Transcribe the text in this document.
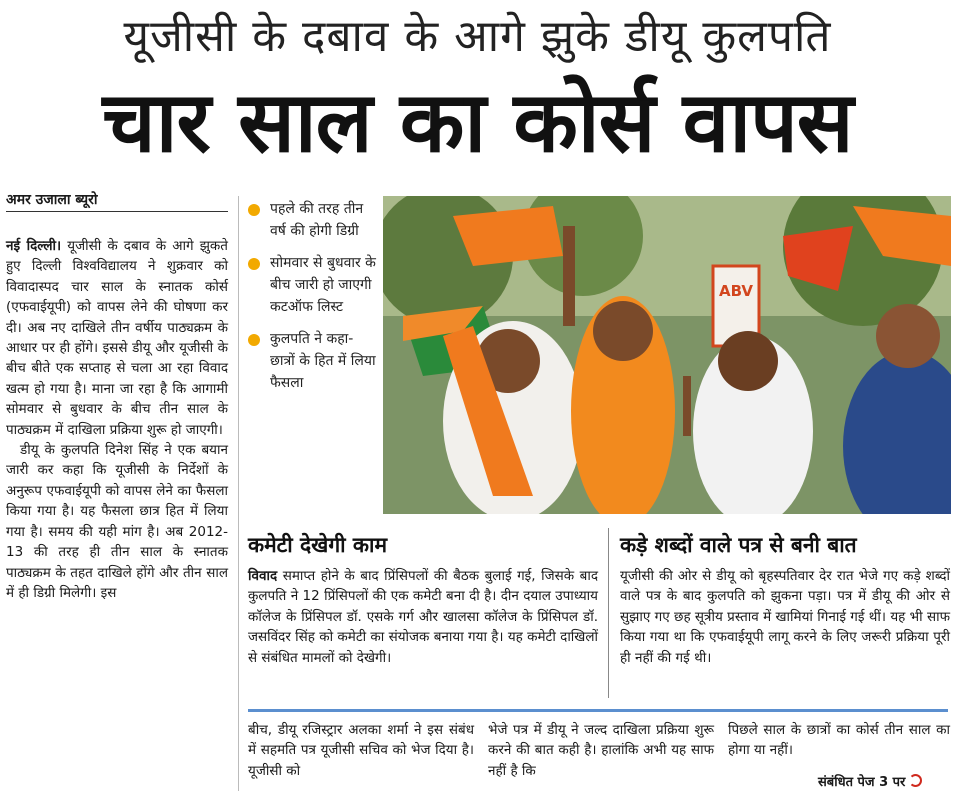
यूजीसी के दबाव के आगे झुके डीयू कुलपति
चार साल का कोर्स वापस
अमर उजाला ब्यूरो

नई दिल्ली। यूजीसी के दबाव के आगे झुकते हुए दिल्ली विश्वविद्यालय ने शुक्रवार को विवादास्पद चार साल के स्नातक कोर्स (एफवाईयूपी) को वापस लेने की घोषणा कर दी। अब नए दाखिले तीन वर्षीय पाठ्यक्रम के आधार पर ही होंगे। इससे डीयू और यूजीसी के बीच बीते एक सप्ताह से चला आ रहा विवाद खत्म हो गया है। माना जा रहा है कि आगामी सोमवार से बुधवार के बीच तीन साल के पाठ्यक्रम में दाखिला प्रक्रिया शुरू हो जाएगी।

डीयू के कुलपति दिनेश सिंह ने एक बयान जारी कर कहा कि यूजीसी के निर्देशों के अनुरूप एफवाईयूपी को वापस लेने का फैसला किया गया है। यह फैसला छात्र हित में लिया गया है। समय की यही मांग है। अब 2012-13 की तरह ही तीन साल के स्नातक पाठ्यक्रम के तहत दाखिले होंगे और तीन साल में ही डिग्री मिलेगी। इस

पहले की तरह तीन वर्ष की होगी डिग्री
सोमवार से बुधवार के बीच जारी हो जाएगी कटऑफ लिस्ट
कुलपति ने कहा- छात्रों के हित में लिया फैसला
ABV
कमेटी देखेगी काम	कड़े शब्दों वाले पत्र से बनी बात
विवाद समाप्त होने के बाद प्रिंसिपलों की बैठक बुलाई गई, जिसके बाद कुलपति ने 12 प्रिंसिपलों की एक कमेटी बना दी है। दीन दयाल उपाध्याय कॉलेज के प्रिंसिपल डॉ. एसके गर्ग और खालसा कॉलेज के प्रिंसिपल डॉ. जसविंदर सिंह को कमेटी का संयोजक बनाया गया है। यह कमेटी दाखिलों से संबंधित मामलों को देखेगी।
यूजीसी की ओर से डीयू को बृहस्पतिवार देर रात भेजे गए कड़े शब्दों वाले पत्र के बाद कुलपति को झुकना पड़ा। पत्र में डीयू की ओर से सुझाए गए छह सूत्रीय प्रस्ताव में खामियां गिनाई गई थीं। यह भी साफ किया गया था कि एफवाईयूपी लागू करने के लिए जरूरी प्रक्रिया पूरी ही नहीं की गई थी।
बीच, डीयू रजिस्ट्रार अलका शर्मा ने इस संबंध में सहमति पत्र यूजीसी सचिव को भेज दिया है। यूजीसी को
भेजे पत्र में डीयू ने जल्द दाखिला प्रक्रिया शुरू करने की बात कही है। हालांकि अभी यह साफ नहीं है कि
पिछले साल के छात्रों का कोर्स तीन साल का होगा या नहीं।
संबंधित पेज 3 पर
